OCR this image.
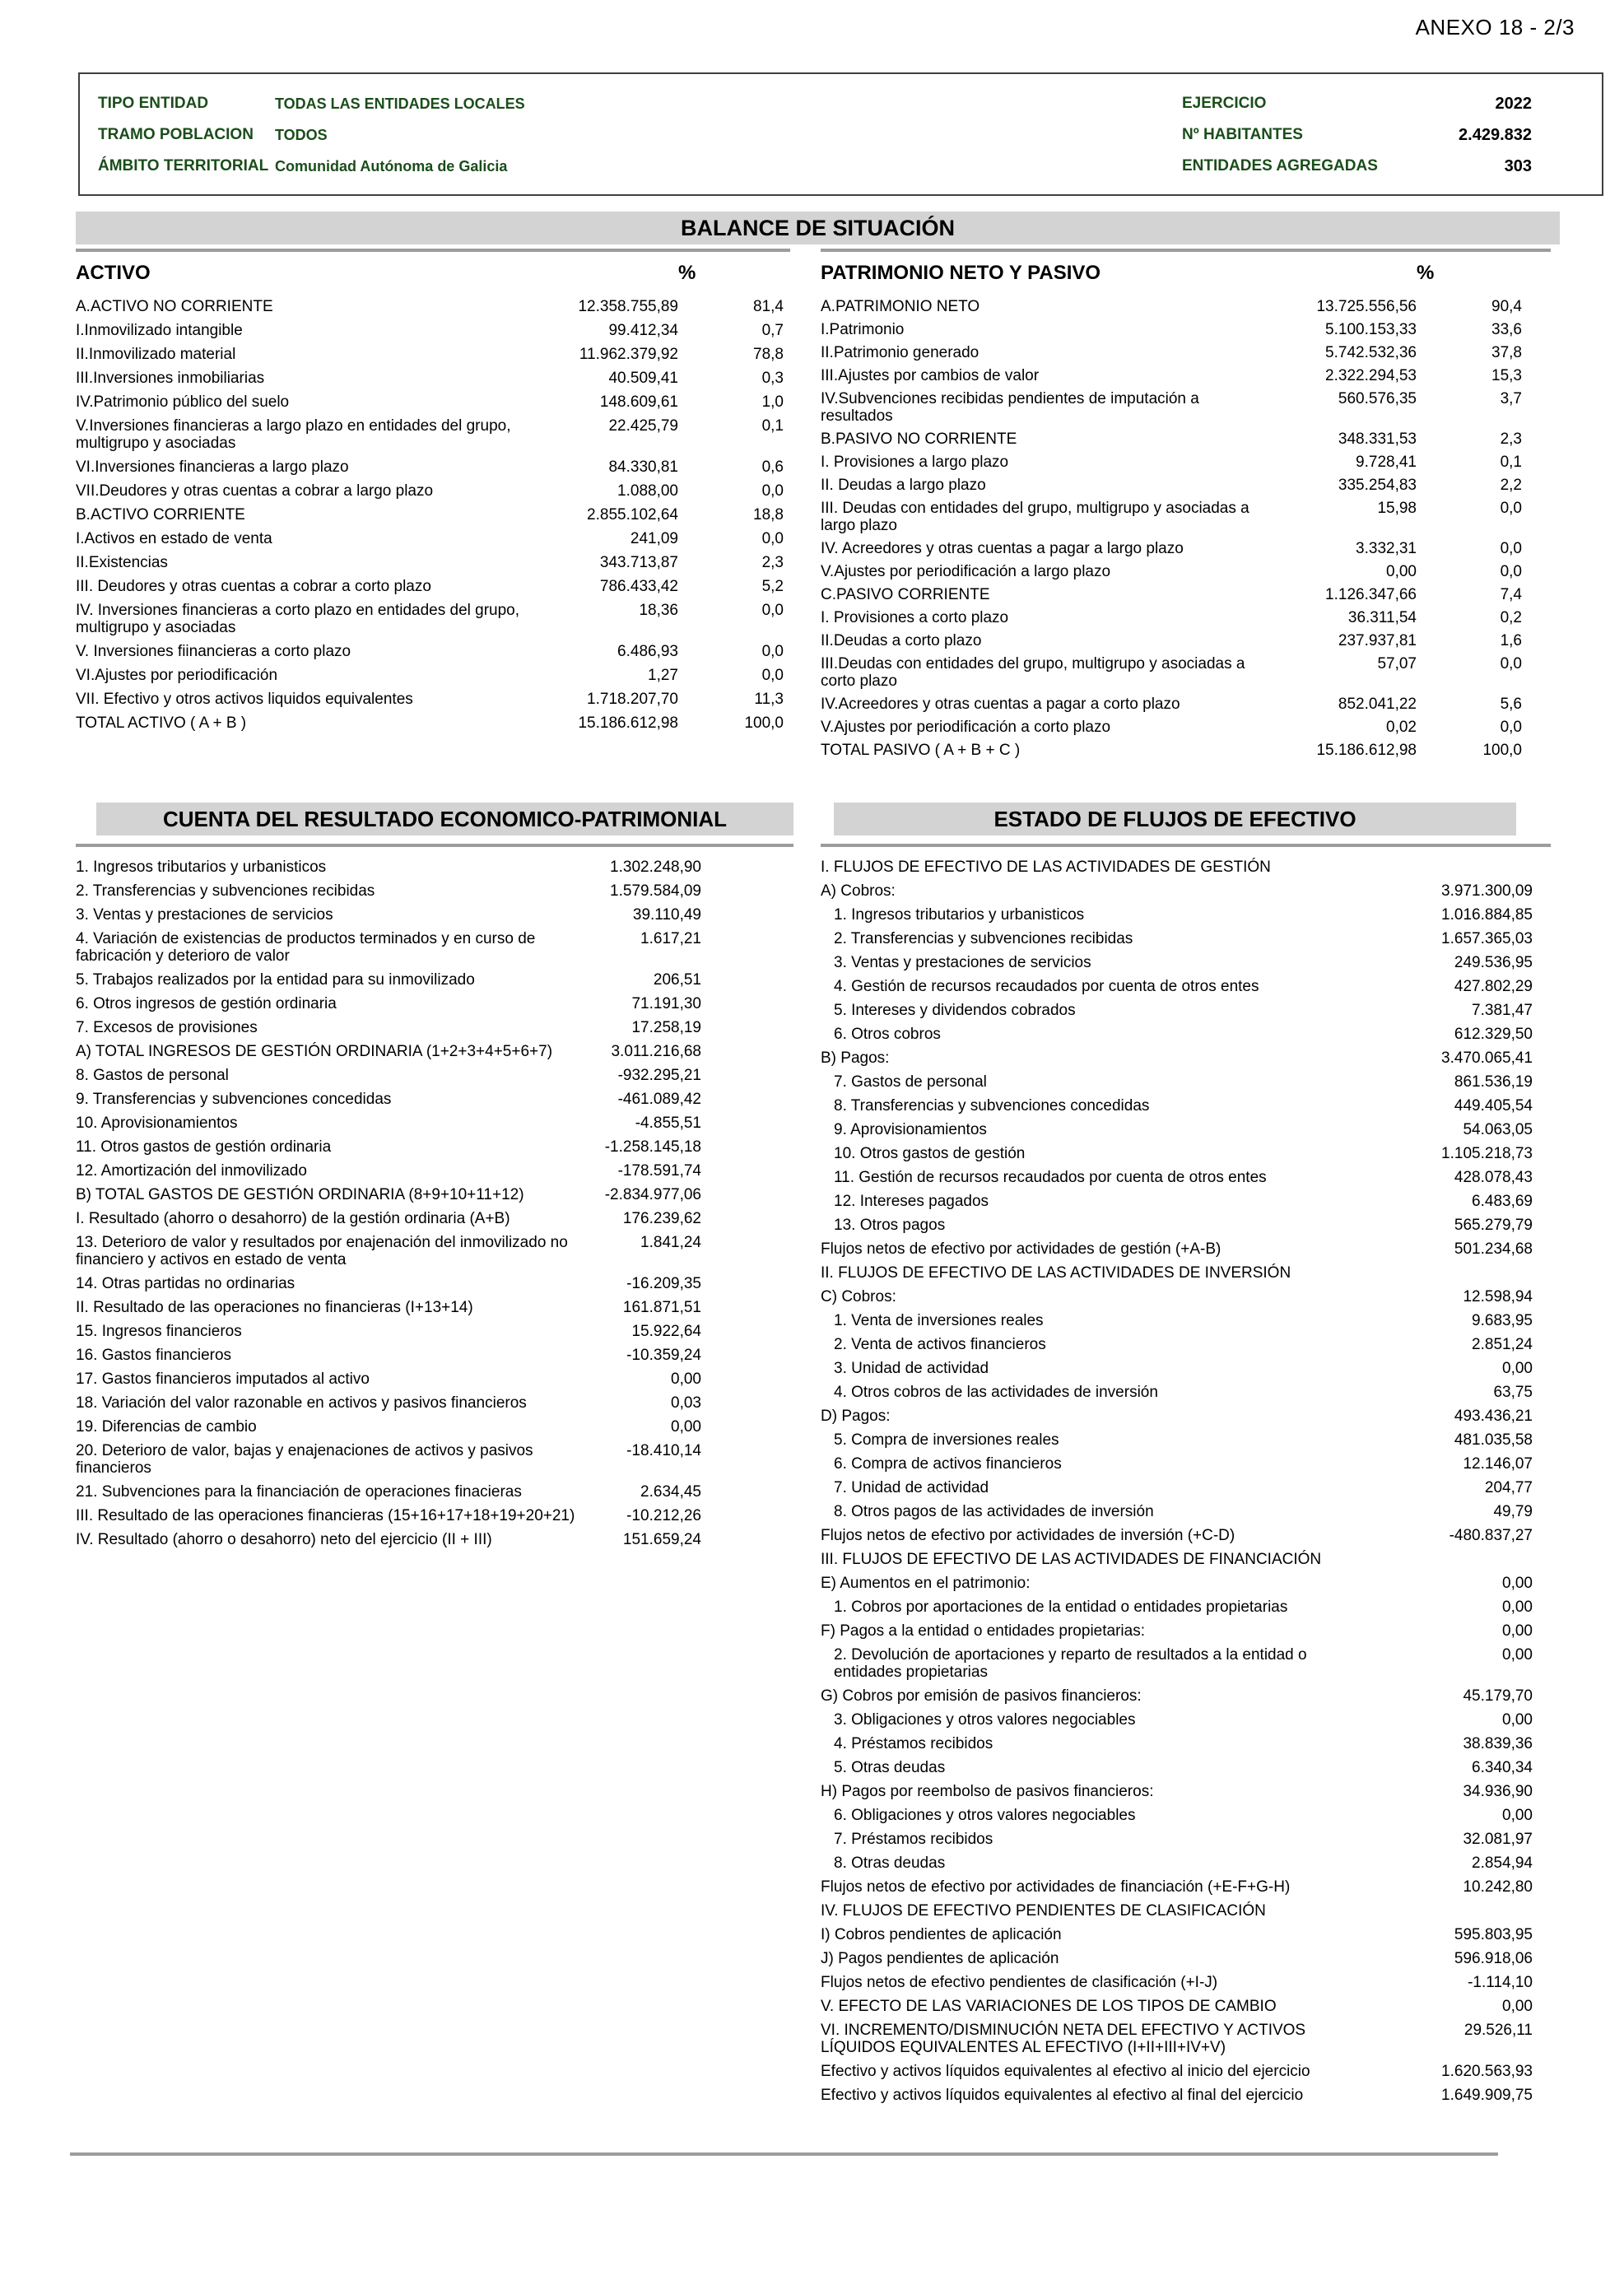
ANEXO 18 - 2/3
TIPO ENTIDAD	TODAS LAS ENTIDADES LOCALES	EJERCICIO	2022
TRAMO POBLACION	TODOS	Nº HABITANTES	2.429.832
ÁMBITO TERRITORIAL Comunidad Autónoma de Galicia	ENTIDADES AGREGADAS	303
BALANCE DE SITUACIÓN
ACTIVO	%
A.ACTIVO NO CORRIENTE	12.358.755,89	81,4
I.Inmovilizado intangible	99.412,34	0,7
II.Inmovilizado material	11.962.379,92	78,8
III.Inversiones inmobiliarias	40.509,41	0,3
IV.Patrimonio público del suelo	148.609,61	1,0
V.Inversiones financieras a largo plazo en entidades del grupo, multigrupo y asociadas
22.425,79	0,1
VI.Inversiones financieras a largo plazo	84.330,81	0,6
VII.Deudores y otras cuentas a cobrar a largo plazo	1.088,00	0,0
B.ACTIVO CORRIENTE	2.855.102,64	18,8
I.Activos en estado de venta	241,09	0,0
II.Existencias	343.713,87	2,3
III. Deudores y otras cuentas a cobrar a corto plazo	786.433,42	5,2
IV. Inversiones financieras a corto plazo en entidades del grupo, multigrupo y asociadas
18,36	0,0
V. Inversiones fiinancieras a corto plazo	6.486,93	0,0
VI.Ajustes por periodificación	1,27	0,0
VII. Efectivo y otros activos liquidos equivalentes	1.718.207,70	11,3
TOTAL ACTIVO ( A + B )	15.186.612,98	100,0
PATRIMONIO NETO Y PASIVO	%
A.PATRIMONIO NETO	13.725.556,56	90,4
I.Patrimonio	5.100.153,33	33,6
II.Patrimonio generado	5.742.532,36	37,8
III.Ajustes por cambios de valor	2.322.294,53	15,3
IV.Subvenciones recibidas pendientes de imputación a resultados
560.576,35	3,7
B.PASIVO NO CORRIENTE	348.331,53	2,3
I. Provisiones a largo plazo	9.728,41	0,1
II. Deudas a largo plazo	335.254,83	2,2
III. Deudas con entidades del grupo, multigrupo y asociadas a largo plazo
15,98	0,0
IV. Acreedores y otras cuentas a pagar a largo plazo	3.332,31	0,0
V.Ajustes por periodificación a largo plazo	0,00	0,0
C.PASIVO CORRIENTE	1.126.347,66	7,4
I. Provisiones a corto plazo	36.311,54	0,2
II.Deudas a corto plazo	237.937,81	1,6
III.Deudas con entidades del grupo, multigrupo y asociadas a corto plazo
57,07	0,0
IV.Acreedores y otras cuentas a pagar a corto plazo	852.041,22	5,6
V.Ajustes por periodificación a corto plazo	0,02	0,0
TOTAL PASIVO ( A + B + C )	15.186.612,98	100,0
CUENTA DEL RESULTADO ECONOMICO-PATRIMONIAL
1. Ingresos tributarios y urbanisticos	1.302.248,90
2. Transferencias y subvenciones recibidas	1.579.584,09
3. Ventas y prestaciones de servicios	39.110,49
4. Variación de existencias de productos terminados y en curso de fabricación y deterioro de valor
1.617,21
5. Trabajos realizados por la entidad para su inmovilizado	206,51
6. Otros ingresos de gestión ordinaria	71.191,30
7. Excesos de provisiones	17.258,19
A) TOTAL INGRESOS DE GESTIÓN ORDINARIA (1+2+3+4+5+6+7)	3.011.216,68
8. Gastos de personal	-932.295,21
9. Transferencias y subvenciones concedidas	-461.089,42
10. Aprovisionamientos	-4.855,51
11. Otros gastos de gestión ordinaria	-1.258.145,18
12. Amortización del inmovilizado	-178.591,74
B) TOTAL GASTOS DE GESTIÓN ORDINARIA (8+9+10+11+12)	-2.834.977,06
I. Resultado (ahorro o desahorro) de la gestión ordinaria (A+B)	176.239,62
13. Deterioro de valor y resultados por enajenación del inmovilizado no financiero y activos en estado de venta
1.841,24
14. Otras partidas no ordinarias	-16.209,35
II. Resultado de las operaciones no financieras (I+13+14)	161.871,51
15. Ingresos financieros	15.922,64
16. Gastos financieros	-10.359,24
17. Gastos financieros imputados al activo	0,00
18. Variación del valor razonable en activos y pasivos financieros	0,03
19. Diferencias de cambio	0,00
20. Deterioro de valor, bajas y enajenaciones de activos y pasivos financieros
-18.410,14
21. Subvenciones para la financiación de operaciones finacieras	2.634,45
III. Resultado de las operaciones financieras (15+16+17+18+19+20+21)	-10.212,26
IV. Resultado (ahorro o desahorro) neto del ejercicio (II + III)	151.659,24
ESTADO DE FLUJOS DE EFECTIVO
I. FLUJOS DE EFECTIVO DE LAS ACTIVIDADES DE GESTIÓN
A) Cobros:	3.971.300,09
1. Ingresos tributarios y urbanisticos	1.016.884,85
2. Transferencias y subvenciones recibidas	1.657.365,03
3. Ventas y prestaciones de servicios	249.536,95
4. Gestión de recursos recaudados por cuenta de otros entes	427.802,29
5. Intereses y dividendos cobrados	7.381,47
6. Otros cobros	612.329,50
B) Pagos:	3.470.065,41
7. Gastos de personal	861.536,19
8. Transferencias y subvenciones concedidas	449.405,54
9. Aprovisionamientos	54.063,05
10. Otros gastos de gestión	1.105.218,73
11. Gestión de recursos recaudados por cuenta de otros entes	428.078,43
12. Intereses pagados	6.483,69
13. Otros pagos	565.279,79
Flujos netos de efectivo por actividades de gestión (+A-B)	501.234,68
II. FLUJOS DE EFECTIVO DE LAS ACTIVIDADES DE INVERSIÓN
C) Cobros:	12.598,94
1. Venta de inversiones reales	9.683,95
2. Venta de activos financieros	2.851,24
3. Unidad de actividad	0,00
4. Otros cobros de las actividades de inversión	63,75
D) Pagos:	493.436,21
5. Compra de inversiones reales	481.035,58
6. Compra de activos financieros	12.146,07
7. Unidad de actividad	204,77
8. Otros pagos de las actividades de inversión	49,79
Flujos netos de efectivo por actividades de inversión (+C-D)	-480.837,27
III. FLUJOS DE EFECTIVO DE LAS ACTIVIDADES DE FINANCIACIÓN
E) Aumentos en el patrimonio:	0,00
1. Cobros por aportaciones de la entidad o entidades propietarias	0,00
F) Pagos a la entidad o entidades propietarias:	0,00
2. Devolución de aportaciones y reparto de resultados a la entidad o entidades propietarias
0,00
G) Cobros por emisión de pasivos financieros:	45.179,70
3. Obligaciones y otros valores negociables	0,00
4. Préstamos recibidos	38.839,36
5. Otras deudas	6.340,34
H) Pagos por reembolso de pasivos financieros:	34.936,90
6. Obligaciones y otros valores negociables	0,00
7. Préstamos recibidos	32.081,97
8. Otras deudas	2.854,94
Flujos netos de efectivo por actividades de financiación (+E-F+G-H)	10.242,80
IV. FLUJOS DE EFECTIVO PENDIENTES DE CLASIFICACIÓN
I) Cobros pendientes de aplicación	595.803,95
J) Pagos pendientes de aplicación	596.918,06
Flujos netos de efectivo pendientes de clasificación (+I-J)	-1.114,10
V. EFECTO DE LAS VARIACIONES DE LOS TIPOS DE CAMBIO	0,00
VI. INCREMENTO/DISMINUCIÓN NETA DEL EFECTIVO Y ACTIVOS LÍQUIDOS EQUIVALENTES AL EFECTIVO (I+II+III+IV+V)
29.526,11
Efectivo y activos líquidos equivalentes al efectivo al inicio del ejercicio	1.620.563,93
Efectivo y activos líquidos equivalentes al efectivo al final del ejercicio	1.649.909,75
